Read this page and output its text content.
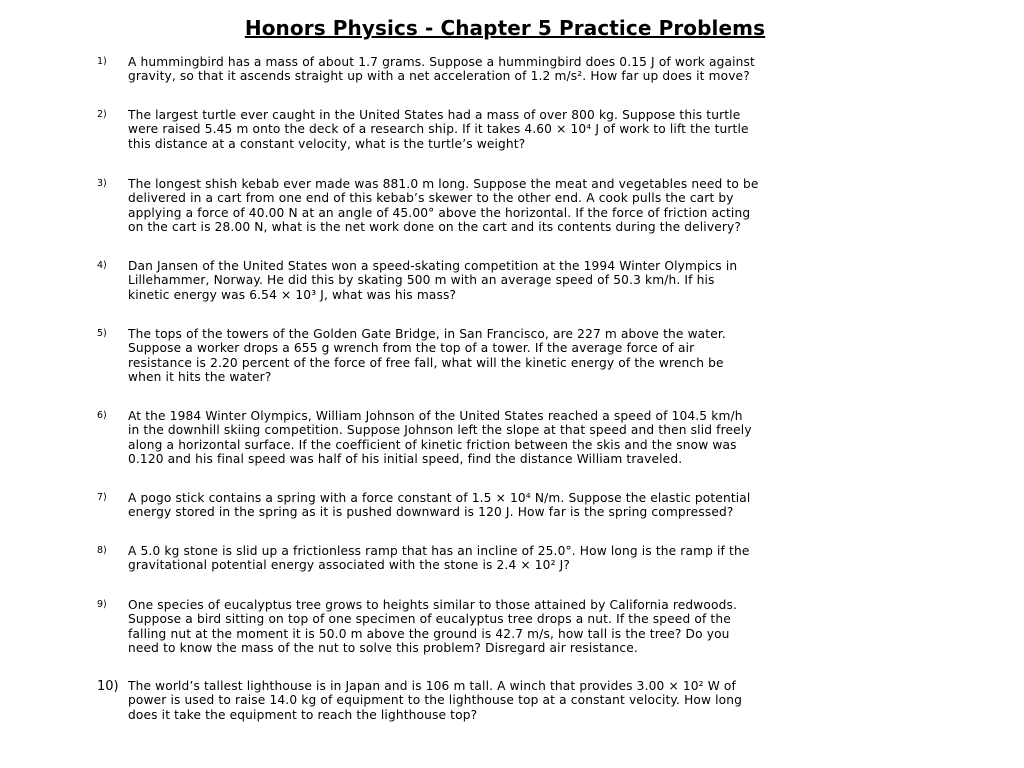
Honors Physics - Chapter 5 Practice Problems
1)	A hummingbird has a mass of about 1.7 grams. Suppose a hummingbird does 0.15 J of work against
gravity, so that it ascends straight up with a net acceleration of 1.2 m/s². How far up does it move?
2)	The largest turtle ever caught in the United States had a mass of over 800 kg. Suppose this turtle
were raised 5.45 m onto the deck of a research ship. If it takes 4.60 × 10⁴ J of work to lift the turtle
this distance at a constant velocity, what is the turtle’s weight?
3)	The longest shish kebab ever made was 881.0 m long. Suppose the meat and vegetables need to be
delivered in a cart from one end of this kebab’s skewer to the other end. A cook pulls the cart by
applying a force of 40.00 N at an angle of 45.00° above the horizontal. If the force of friction acting
on the cart is 28.00 N, what is the net work done on the cart and its contents during the delivery?
4)	Dan Jansen of the United States won a speed-skating competition at the 1994 Winter Olympics in
Lillehammer, Norway. He did this by skating 500 m with an average speed of 50.3 km/h. If his
kinetic energy was 6.54 × 10³ J, what was his mass?
5)	The tops of the towers of the Golden Gate Bridge, in San Francisco, are 227 m above the water.
Suppose a worker drops a 655 g wrench from the top of a tower. If the average force of air
resistance is 2.20 percent of the force of free fall, what will the kinetic energy of the wrench be
when it hits the water?
6)	At the 1984 Winter Olympics, William Johnson of the United States reached a speed of 104.5 km/h
in the downhill skiing competition. Suppose Johnson left the slope at that speed and then slid freely
along a horizontal surface. If the coefficient of kinetic friction between the skis and the snow was
0.120 and his final speed was half of his initial speed, find the distance William traveled.
7)	A pogo stick contains a spring with a force constant of 1.5 × 10⁴ N/m. Suppose the elastic potential
energy stored in the spring as it is pushed downward is 120 J. How far is the spring compressed?
8)	A 5.0 kg stone is slid up a frictionless ramp that has an incline of 25.0°. How long is the ramp if the
gravitational potential energy associated with the stone is 2.4 × 10² J?
9)	One species of eucalyptus tree grows to heights similar to those attained by California redwoods.
Suppose a bird sitting on top of one specimen of eucalyptus tree drops a nut. If the speed of the
falling nut at the moment it is 50.0 m above the ground is 42.7 m/s, how tall is the tree? Do you
need to know the mass of the nut to solve this problem? Disregard air resistance.
10) The world’s tallest lighthouse is in Japan and is 106 m tall. A winch that provides 3.00 × 10² W of
power is used to raise 14.0 kg of equipment to the lighthouse top at a constant velocity. How long
does it take the equipment to reach the lighthouse top?
